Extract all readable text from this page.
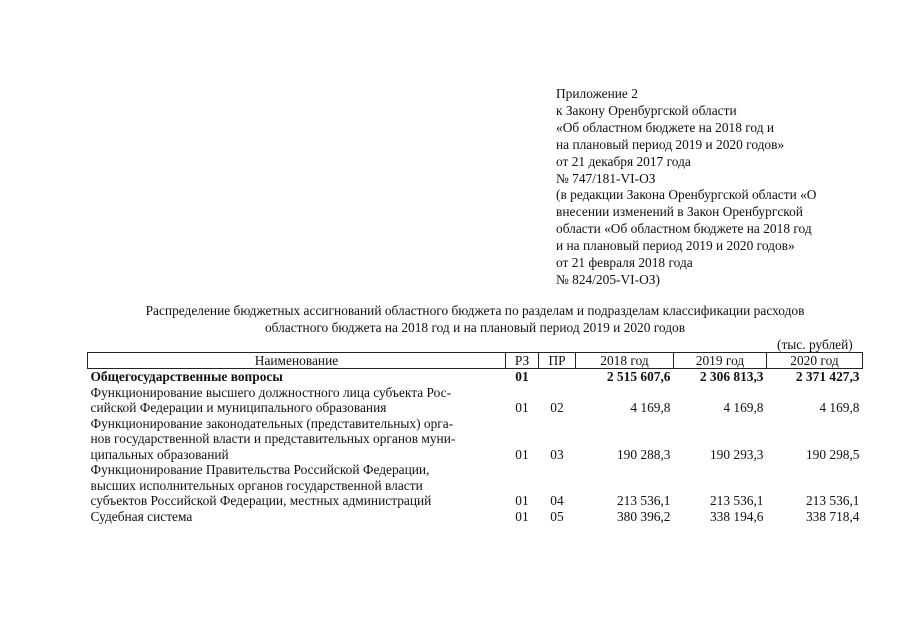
Приложение 2
к Закону Оренбургской области
«Об областном бюджете на 2018 год и
на плановый период 2019 и 2020 годов»
от 21 декабря 2017 года
№ 747/181-VI-ОЗ
(в редакции Закона Оренбургской области «О
внесении изменений в Закон Оренбургской
области «Об областном бюджете на 2018 год
и на плановый период 2019 и 2020 годов»
от 21 февраля 2018 года
№ 824/205-VI-ОЗ)
Распределение бюджетных ассигнований областного бюджета по разделам и подразделам классификации расходов
областного бюджета на 2018 год и на плановый период 2019 и 2020 годов
(тыс. рублей)
Наименование	РЗ	ПР	2018 год	2019 год	2020 год

Общегосударственные вопросы	01		2 515 607,6	2 306 813,3	2 371 427,3

Функционирование высшего должностного лица субъекта Рос-
сийской Федерации и муниципального образования	01	02	4 169,8	4 169,8	4 169,8

Функционирование законодательных (представительных) орга-
нов государственной власти и представительных органов муни-
ципальных образований	01	03	190 288,3	190 293,3	190 298,5

Функционирование Правительства Российской Федерации,
высших исполнительных органов государственной власти
субъектов Российской Федерации, местных администраций	01	04	213 536,1	213 536,1	213 536,1

Судебная система	01	05	380 396,2	338 194,6	338 718,4
